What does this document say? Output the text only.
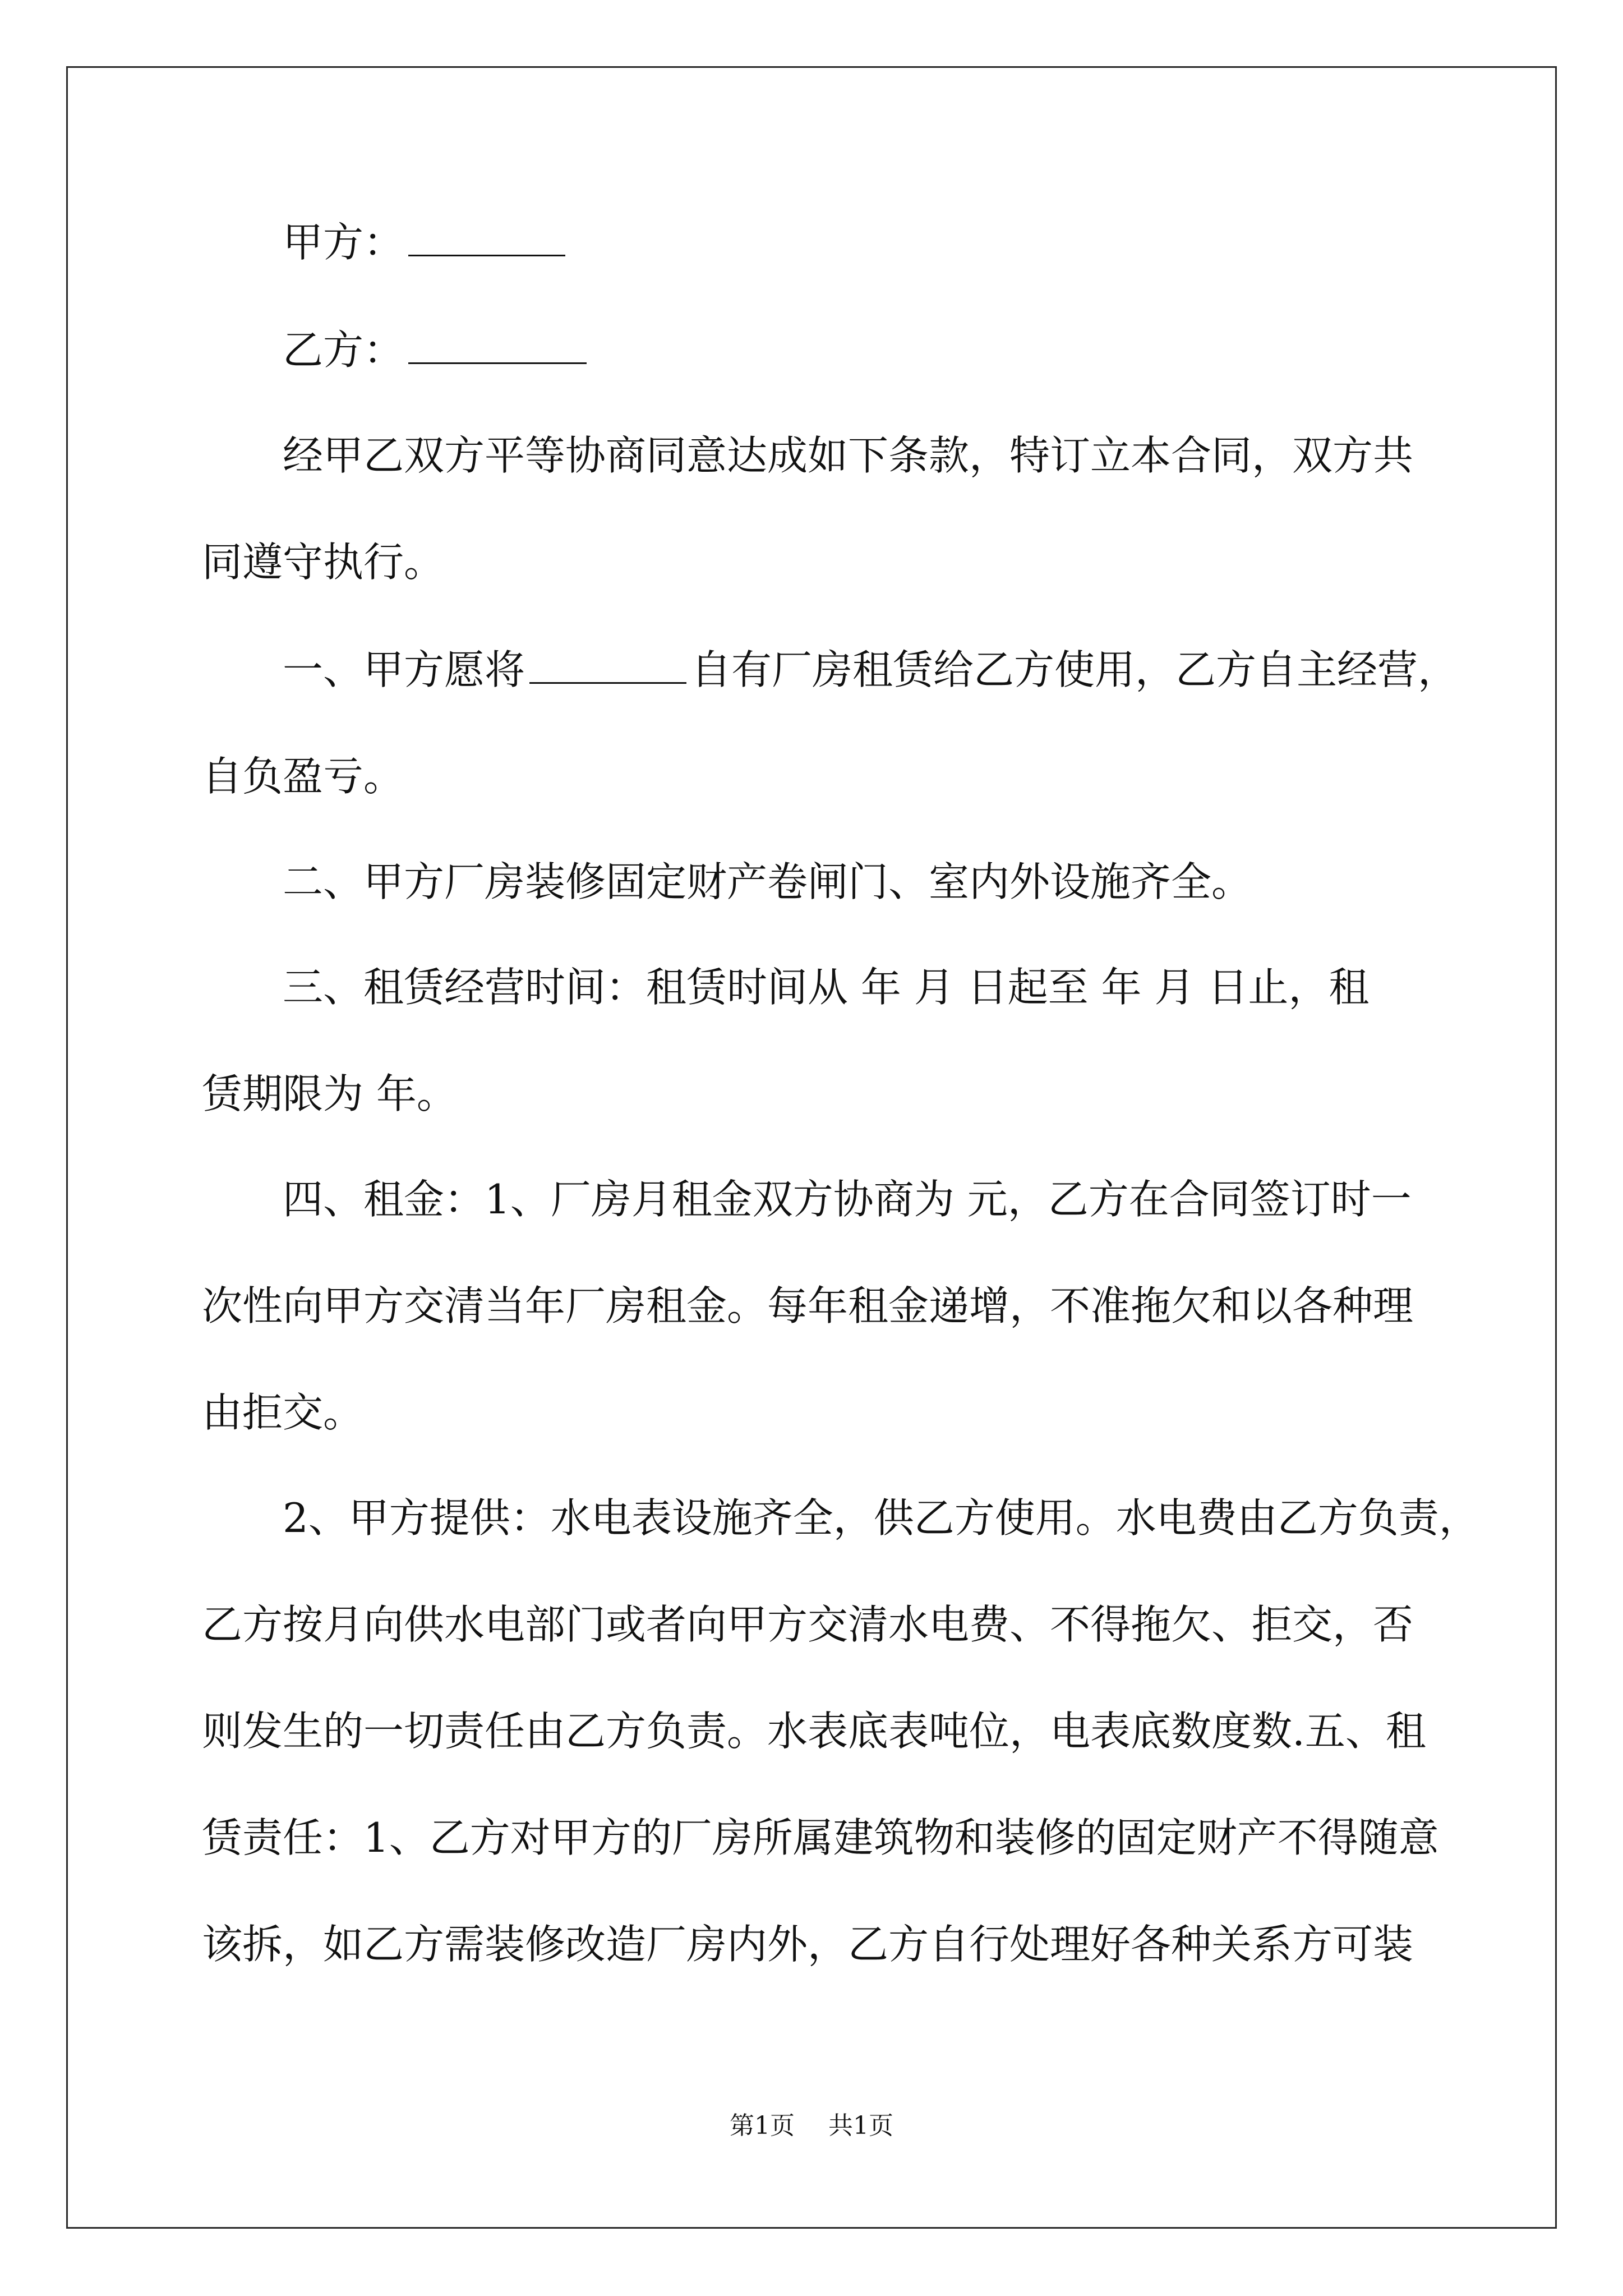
甲方：

乙方：

经甲乙双方平等协商同意达成如下条款，特订立本合同，双方共

同遵守执行。

一、甲方愿将	自有厂房租赁给乙方使用，乙方自主经营，

自负盈亏。

二、甲方厂房装修固定财产卷闸门、室内外设施齐全。

三、租赁经营时间：租赁时间从 年 月 日起至 年 月 日止，租

赁期限为 年。

四、租金：1、厂房月租金双方协商为 元，乙方在合同签订时一

次性向甲方交清当年厂房租金。每年租金递增，不准拖欠和以各种理

由拒交。

2、甲方提供：水电表设施齐全，供乙方使用。水电费由乙方负责，

乙方按月向供水电部门或者向甲方交清水电费、不得拖欠、拒交，否

则发生的一切责任由乙方负责。水表底表吨位，电表底数度数.五、租

赁责任：1、乙方对甲方的厂房所属建筑物和装修的固定财产不得随意

该拆，如乙方需装修改造厂房内外，乙方自行处理好各种关系方可装

第1页 共1页
